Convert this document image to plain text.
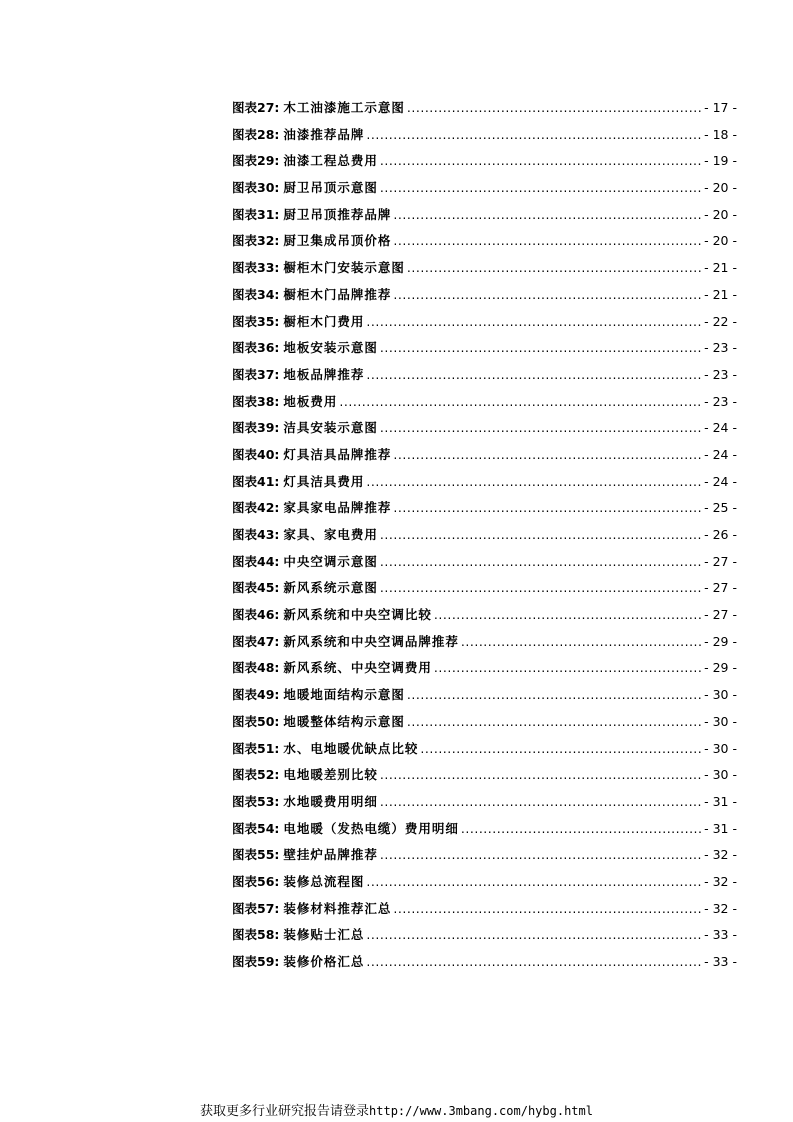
图表27: 木工油漆施工示意图 .....	- 17 -
图表28: 油漆推荐品牌 .....	- 18 -
图表29: 油漆工程总费用 .....	- 19 -
图表30: 厨卫吊顶示意图 .....	- 20 -
图表31: 厨卫吊顶推荐品牌 .....	- 20 -
图表32: 厨卫集成吊顶价格 .....	- 20 -
图表33: 橱柜木门安装示意图 .....	- 21 -
图表34: 橱柜木门品牌推荐 .....	- 21 -
图表35: 橱柜木门费用 .....	- 22 -
图表36: 地板安装示意图 .....	- 23 -
图表37: 地板品牌推荐 .....	- 23 -
图表38: 地板费用 .....	- 23 -
图表39: 洁具安装示意图 .....	- 24 -
图表40: 灯具洁具品牌推荐 .....	- 24 -
图表41: 灯具洁具费用 .....	- 24 -
图表42: 家具家电品牌推荐 .....	- 25 -
图表43: 家具、家电费用 .....	- 26 -
图表44: 中央空调示意图 .....	- 27 -
图表45: 新风系统示意图 .....	- 27 -
图表46: 新风系统和中央空调比较 .....	- 27 -
图表47: 新风系统和中央空调品牌推荐 .....	- 29 -
图表48: 新风系统、中央空调费用 .....	- 29 -
图表49: 地暖地面结构示意图 .....	- 30 -
图表50: 地暖整体结构示意图 .....	- 30 -
图表51: 水、电地暖优缺点比较 .....	- 30 -
图表52: 电地暖差别比较 .....	- 30 -
图表53: 水地暖费用明细 .....	- 31 -
图表54: 电地暖（发热电缆）费用明细 .....	- 31 -
图表55: 壁挂炉品牌推荐 .....	- 32 -
图表56: 装修总流程图 .....	- 32 -
图表57: 装修材料推荐汇总 .....	- 32 -
图表58: 装修贴士汇总 .....	- 33 -
图表59: 装修价格汇总 .....	- 33 -
获取更多行业研究报告请登录http://www.3mbang.com/hybg.html
